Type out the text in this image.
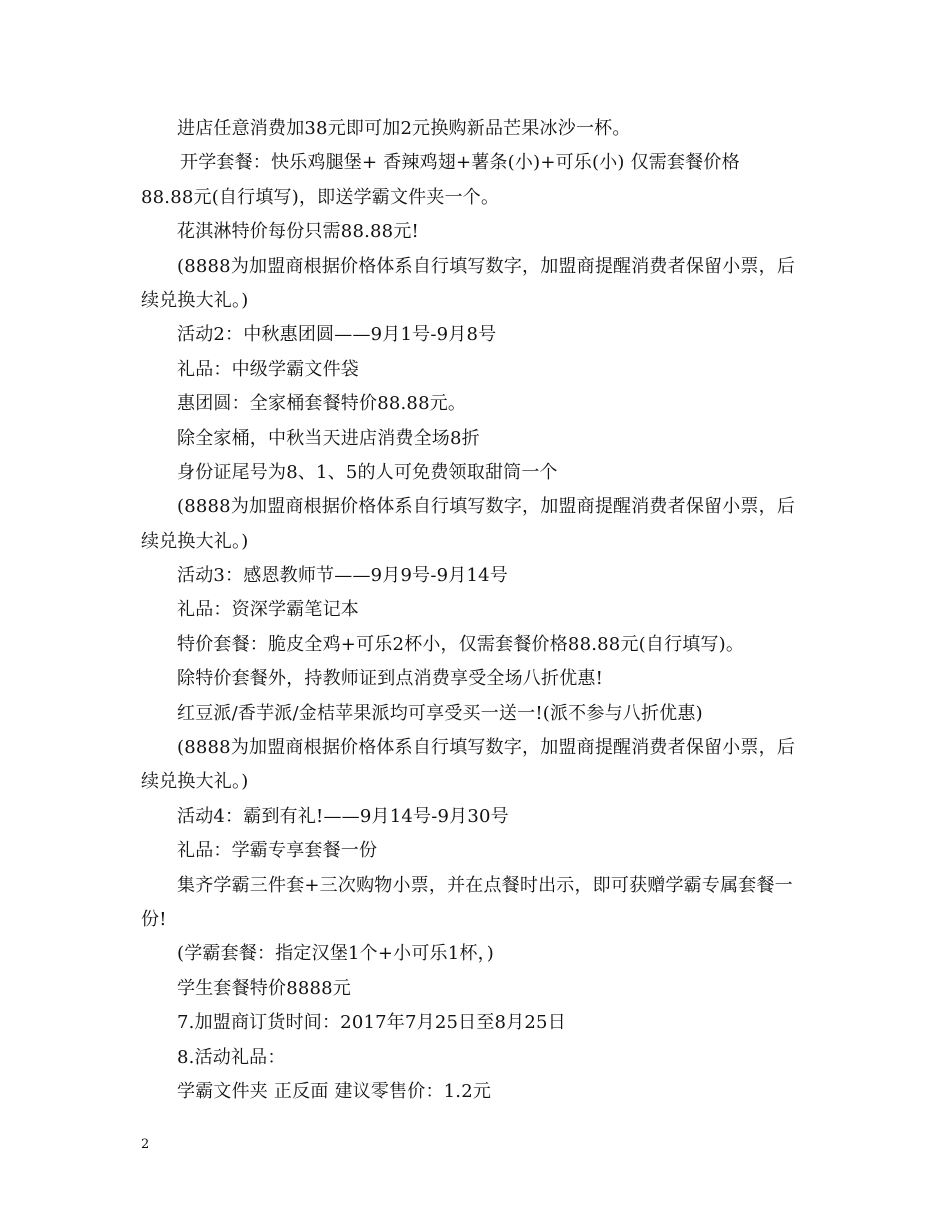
进店任意消费加38元即可加2元换购新品芒果冰沙一杯。
开学套餐：快乐鸡腿堡+ 香辣鸡翅+薯条(小)+可乐(小) 仅需套餐价格
88.88元(自行填写)，即送学霸文件夹一个。
花淇淋特价每份只需88.88元!
(8888为加盟商根据价格体系自行填写数字，加盟商提醒消费者保留小票，后
续兑换大礼。)
活动2：中秋惠团圆——9月1号-9月8号
礼品：中级学霸文件袋
惠团圆：全家桶套餐特价88.88元。
除全家桶，中秋当天进店消费全场8折
身份证尾号为8、1、5的人可免费领取甜筒一个
(8888为加盟商根据价格体系自行填写数字，加盟商提醒消费者保留小票，后
续兑换大礼。)
活动3：感恩教师节——9月9号-9月14号
礼品：资深学霸笔记本
特价套餐：脆皮全鸡+可乐2杯小，仅需套餐价格88.88元(自行填写)。
除特价套餐外，持教师证到点消费享受全场八折优惠!
红豆派/香芋派/金桔苹果派均可享受买一送一!(派不参与八折优惠)
(8888为加盟商根据价格体系自行填写数字，加盟商提醒消费者保留小票，后
续兑换大礼。)
活动4：霸到有礼!——9月14号-9月30号
礼品：学霸专享套餐一份
集齐学霸三件套+三次购物小票，并在点餐时出示，即可获赠学霸专属套餐一
份!
(学霸套餐：指定汉堡1个+小可乐1杯，)
学生套餐特价8888元
7.加盟商订货时间：2017年7月25日至8月25日
8.活动礼品：
学霸文件夹 正反面 建议零售价：1.2元
2
